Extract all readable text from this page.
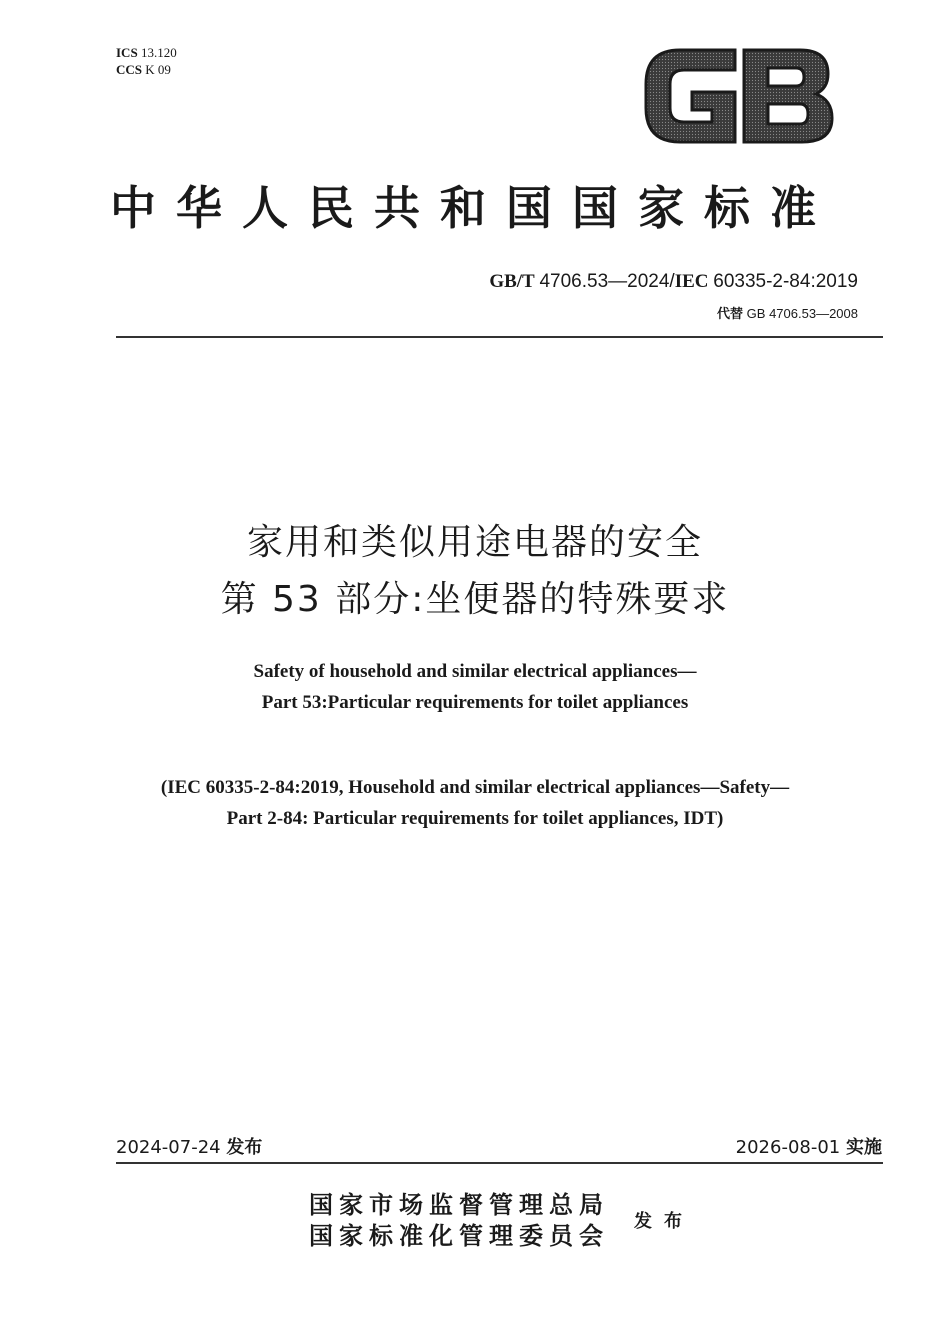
ICS 13.120
CCS K 09
中华人民共和国国家标准
GB/T 4706.53—2024/IEC 60335-2-84:2019
代替 GB 4706.53—2008
家用和类似用途电器的安全
第 53 部分:坐便器的特殊要求
Safety of household and similar electrical appliances—
Part 53:Particular requirements for toilet appliances
(IEC 60335-2-84:2019, Household and similar electrical appliances—Safety—
Part 2-84: Particular requirements for toilet appliances, IDT)
2024-07-24 发布	2026-08-01 实施
国家市场监督管理总局
国家标准化管理委员会 发布
